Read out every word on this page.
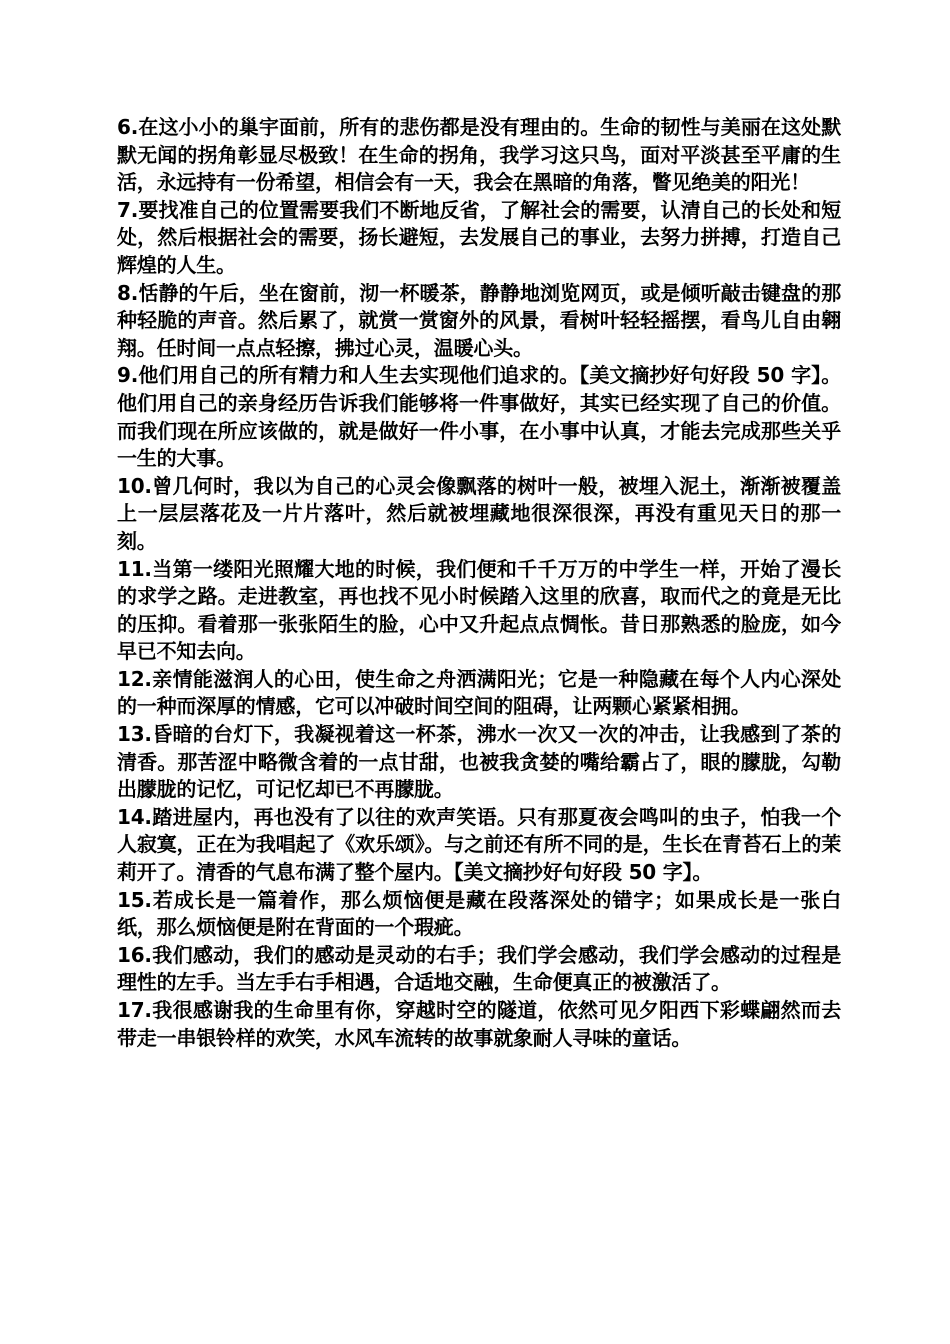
6.在这小小的巢宇面前，所有的悲伤都是没有理由的。生命的韧性与美丽在这处默默无闻的拐角彰显尽极致！在生命的拐角，我学习这只鸟，面对平淡甚至平庸的生活，永远持有一份希望，相信会有一天，我会在黑暗的角落，瞥见绝美的阳光！

7.要找准自己的位置需要我们不断地反省，了解社会的需要，认清自己的长处和短处，然后根据社会的需要，扬长避短，去发展自己的事业，去努力拼搏，打造自己辉煌的人生。

8.恬静的午后，坐在窗前，沏一杯暖茶，静静地浏览网页，或是倾听敲击键盘的那种轻脆的声音。然后累了，就赏一赏窗外的风景，看树叶轻轻摇摆，看鸟儿自由翱翔。任时间一点点轻擦，拂过心灵，温暖心头。

9.他们用自己的所有精力和人生去实现他们追求的。【美文摘抄好句好段 50 字】。他们用自己的亲身经历告诉我们能够将一件事做好，其实已经实现了自己的价值。而我们现在所应该做的，就是做好一件小事，在小事中认真，才能去完成那些关乎一生的大事。

10.曾几何时，我以为自己的心灵会像飘落的树叶一般，被埋入泥土，渐渐被覆盖上一层层落花及一片片落叶，然后就被埋藏地很深很深，再没有重见天日的那一刻。

11.当第一缕阳光照耀大地的时候，我们便和千千万万的中学生一样，开始了漫长的求学之路。走进教室，再也找不见小时候踏入这里的欣喜，取而代之的竟是无比的压抑。看着那一张张陌生的脸，心中又升起点点惆怅。昔日那熟悉的脸庞，如今早已不知去向。

12.亲情能滋润人的心田，使生命之舟洒满阳光；它是一种隐藏在每个人内心深处的一种而深厚的情感，它可以冲破时间空间的阻碍，让两颗心紧紧相拥。

13.昏暗的台灯下，我凝视着这一杯茶，沸水一次又一次的冲击，让我感到了茶的清香。那苦涩中略微含着的一点甘甜，也被我贪婪的嘴给霸占了，眼的朦胧，勾勒出朦胧的记忆，可记忆却已不再朦胧。

14.踏进屋内，再也没有了以往的欢声笑语。只有那夏夜会鸣叫的虫子，怕我一个人寂寞，正在为我唱起了《欢乐颂》。与之前还有所不同的是，生长在青苔石上的茉莉开了。清香的气息布满了整个屋内。【美文摘抄好句好段 50 字】。

15.若成长是一篇着作，那么烦恼便是藏在段落深处的错字；如果成长是一张白纸，那么烦恼便是附在背面的一个瑕疵。

16.我们感动，我们的感动是灵动的右手；我们学会感动，我们学会感动的过程是理性的左手。当左手右手相遇，合适地交融，生命便真正的被激活了。

17.我很感谢我的生命里有你，穿越时空的隧道，依然可见夕阳西下彩蝶翩然而去带走一串银铃样的欢笑，水风车流转的故事就象耐人寻味的童话。
